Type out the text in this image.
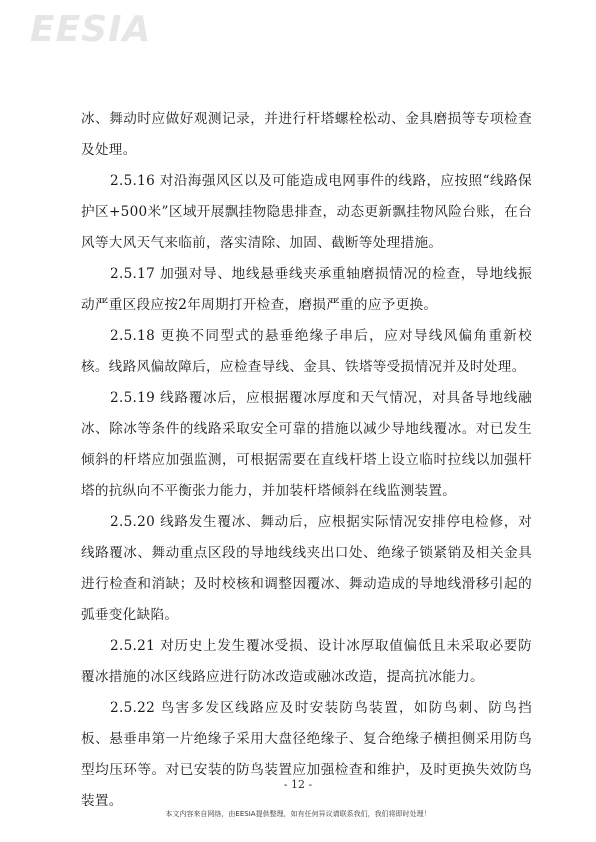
EESIA

冰、舞动时应做好观测记录，并进行杆塔螺栓松动、金具磨损等专项检查及处理。

2.5.16 对沿海强风区以及可能造成电网事件的线路，应按照“线路保护区+500米”区域开展飘挂物隐患排查，动态更新飘挂物风险台账，在台风等大风天气来临前，落实清除、加固、截断等处理措施。

2.5.17 加强对导、地线悬垂线夹承重轴磨损情况的检查，导地线振动严重区段应按2年周期打开检查，磨损严重的应予更换。

2.5.18 更换不同型式的悬垂绝缘子串后，应对导线风偏角重新校核。线路风偏故障后，应检查导线、金具、铁塔等受损情况并及时处理。

2.5.19 线路覆冰后，应根据覆冰厚度和天气情况，对具备导地线融冰、除冰等条件的线路采取安全可靠的措施以减少导地线覆冰。对已发生倾斜的杆塔应加强监测，可根据需要在直线杆塔上设立临时拉线以加强杆塔的抗纵向不平衡张力能力，并加装杆塔倾斜在线监测装置。

2.5.20 线路发生覆冰、舞动后，应根据实际情况安排停电检修，对线路覆冰、舞动重点区段的导地线线夹出口处、绝缘子锁紧销及相关金具进行检查和消缺；及时校核和调整因覆冰、舞动造成的导地线滑移引起的弧垂变化缺陷。

2.5.21 对历史上发生覆冰受损、设计冰厚取值偏低且未采取必要防覆冰措施的冰区线路应进行防冰改造或融冰改造，提高抗冰能力。

2.5.22 鸟害多发区线路应及时安装防鸟装置，如防鸟刺、防鸟挡板、悬垂串第一片绝缘子采用大盘径绝缘子、复合绝缘子横担侧采用防鸟型均压环等。对已安装的防鸟装置应加强检查和维护，及时更换失效防鸟装置。

- 12 -
本文内容来自网络，由EESIA提供整理，如有任何异议请联系我们，我们将即时处理！
